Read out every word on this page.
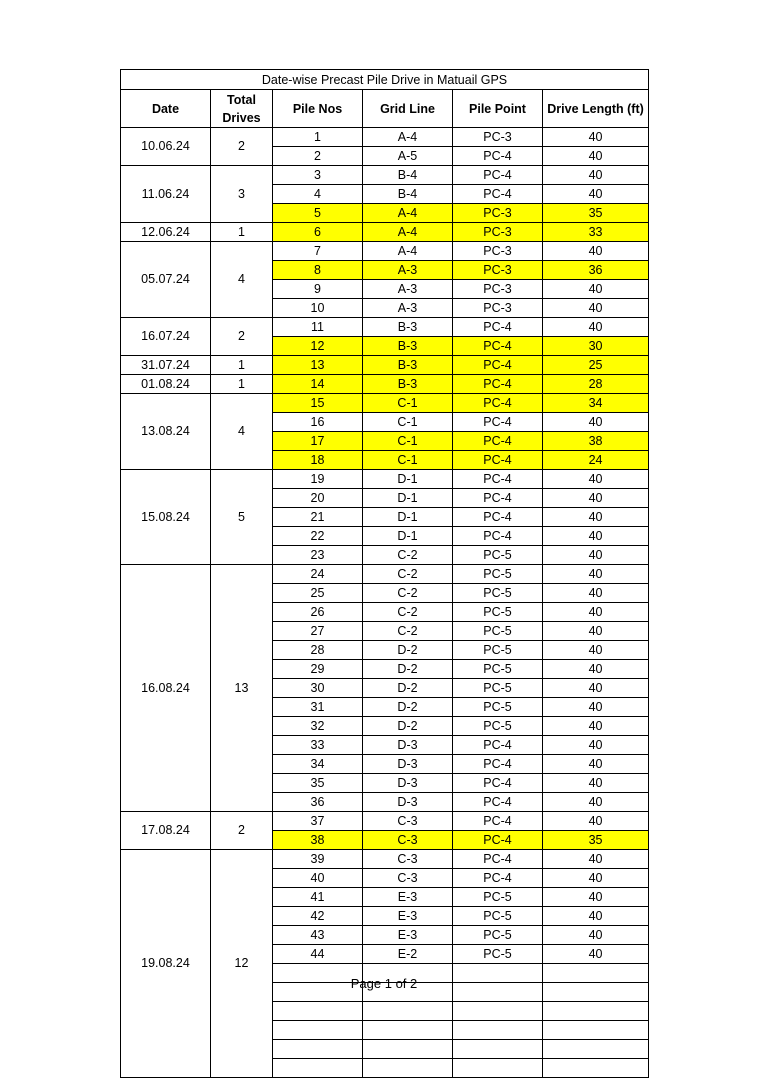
Date-wise Precast Pile Drive in Matuail GPS					
Date	Total Drives	Pile Nos	Grid Line	Pile Point	Drive Length (ft)
10.06.24	2	1	A-4	PC-3	40
		2	A-5	PC-4	40
11.06.24	3	3	B-4	PC-4	40
		4	B-4	PC-4	40
		5	A-4	PC-3	35
12.06.24	1	6	A-4	PC-3	33
05.07.24	4	7	A-4	PC-3	40
		8	A-3	PC-3	36
		9	A-3	PC-3	40
		10	A-3	PC-3	40
16.07.24	2	11	B-3	PC-4	40
		12	B-3	PC-4	30
31.07.24	1	13	B-3	PC-4	25
01.08.24	1	14	B-3	PC-4	28
13.08.24	4	15	C-1	PC-4	34
		16	C-1	PC-4	40
		17	C-1	PC-4	38
		18	C-1	PC-4	24
15.08.24	5	19	D-1	PC-4	40
		20	D-1	PC-4	40
		21	D-1	PC-4	40
		22	D-1	PC-4	40
		23	C-2	PC-5	40
16.08.24	13	24	C-2	PC-5	40
		25	C-2	PC-5	40
		26	C-2	PC-5	40
		27	C-2	PC-5	40
		28	D-2	PC-5	40
		29	D-2	PC-5	40
		30	D-2	PC-5	40
		31	D-2	PC-5	40
		32	D-2	PC-5	40
		33	D-3	PC-4	40
		34	D-3	PC-4	40
		35	D-3	PC-4	40
		36	D-3	PC-4	40
17.08.24	2	37	C-3	PC-4	40
		38	C-3	PC-4	35
19.08.24	12	39	C-3	PC-4	40
		40	C-3	PC-4	40
		41	E-3	PC-5	40
		42	E-3	PC-5	40
		43	E-3	PC-5	40
		44	E-2	PC-5	40

Page 1 of 2
